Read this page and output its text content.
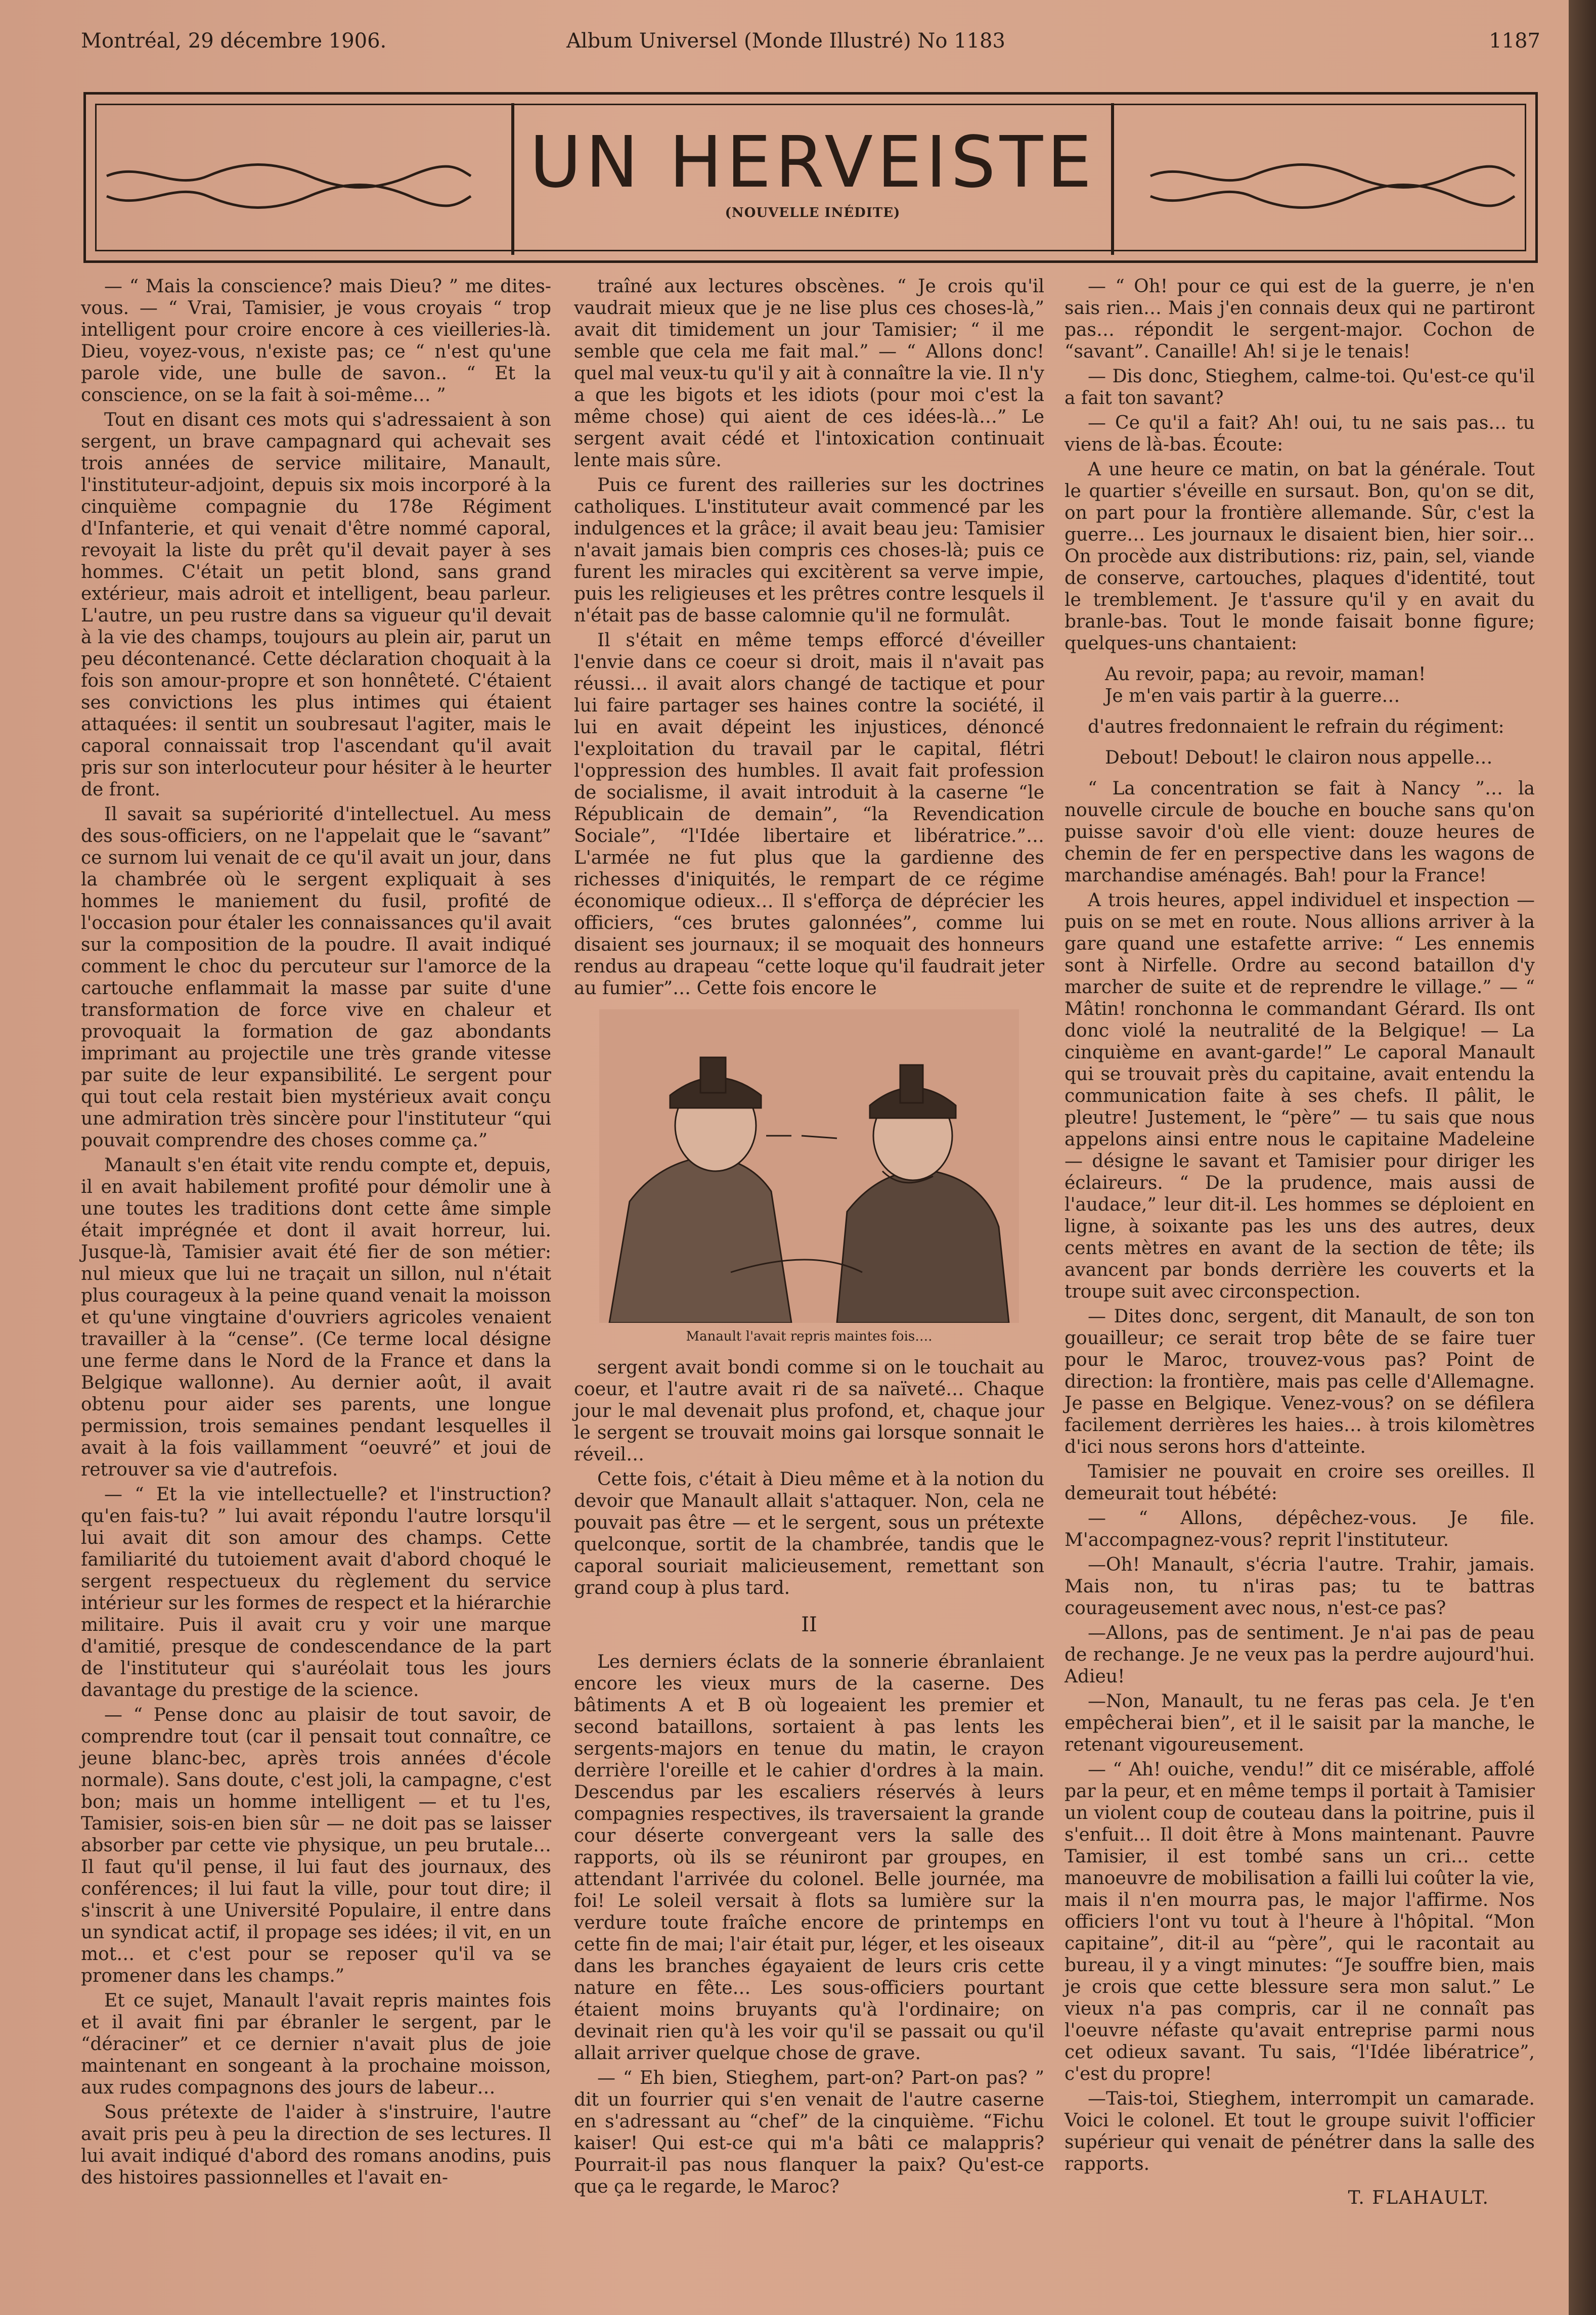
Montréal, 29 décembre 1906.	Album Universel (Monde Illustré) No 1183	1187
UN HERVEISTE
(NOUVELLE INÉDITE)

— “ Mais la conscience? mais Dieu? ” me dites-vous. — “ Vrai, Tamisier, je vous croyais “ trop intelligent pour croire encore à ces vieilleries-là. Dieu, voyez-vous, n'existe pas; ce “ n'est qu'une parole vide, une bulle de savon.. “ Et la conscience, on se la fait à soi-même… ”

Tout en disant ces mots qui s'adressaient à son sergent, un brave campagnard qui achevait ses trois années de service militaire, Manault, l'instituteur-adjoint, depuis six mois incorporé à la cinquième compagnie du 178e Régiment d'Infanterie, et qui venait d'être nommé caporal, revoyait la liste du prêt qu'il devait payer à ses hommes. C'était un petit blond, sans grand extérieur, mais adroit et intelligent, beau parleur. L'autre, un peu rustre dans sa vigueur qu'il devait à la vie des champs, toujours au plein air, parut un peu décontenancé. Cette déclaration choquait à la fois son amour-propre et son honnêteté. C'étaient ses convictions les plus intimes qui étaient attaquées: il sentit un soubresaut l'agiter, mais le caporal connaissait trop l'ascendant qu'il avait pris sur son interlocuteur pour hésiter à le heurter de front.

Il savait sa supériorité d'intellectuel. Au mess des sous-officiers, on ne l'appelait que le “savant” ce surnom lui venait de ce qu'il avait un jour, dans la chambrée où le sergent expliquait à ses hommes le maniement du fusil, profité de l'occasion pour étaler les connaissances qu'il avait sur la composition de la poudre. Il avait indiqué comment le choc du percuteur sur l'amorce de la cartouche enflammait la masse par suite d'une transformation de force vive en chaleur et provoquait la formation de gaz abondants imprimant au projectile une très grande vitesse par suite de leur expansibilité. Le sergent pour qui tout cela restait bien mystérieux avait conçu une admiration très sincère pour l'instituteur “qui pouvait comprendre des choses comme ça.”

Manault s'en était vite rendu compte et, depuis, il en avait habilement profité pour démolir une à une toutes les traditions dont cette âme simple était imprégnée et dont il avait horreur, lui. Jusque-là, Tamisier avait été fier de son métier: nul mieux que lui ne traçait un sillon, nul n'était plus courageux à la peine quand venait la moisson et qu'une vingtaine d'ouvriers agricoles venaient travailler à la “cense”. (Ce terme local désigne une ferme dans le Nord de la France et dans la Belgique wallonne). Au dernier août, il avait obtenu pour aider ses parents, une longue permission, trois semaines pendant lesquelles il avait à la fois vaillamment “oeuvré” et joui de retrouver sa vie d'autrefois.

— “ Et la vie intellectuelle? et l'instruction? qu'en fais-tu? ” lui avait répondu l'autre lorsqu'il lui avait dit son amour des champs. Cette familiarité du tutoiement avait d'abord choqué le sergent respectueux du règlement du service intérieur sur les formes de respect et la hiérarchie militaire. Puis il avait cru y voir une marque d'amitié, presque de condescendance de la part de l'instituteur qui s'auréolait tous les jours davantage du prestige de la science.

— “ Pense donc au plaisir de tout savoir, de comprendre tout (car il pensait tout connaître, ce jeune blanc-bec, après trois années d'école normale). Sans doute, c'est joli, la campagne, c'est bon; mais un homme intelligent — et tu l'es, Tamisier, sois-en bien sûr — ne doit pas se laisser absorber par cette vie physique, un peu brutale… Il faut qu'il pense, il lui faut des journaux, des conférences; il lui faut la ville, pour tout dire; il s'inscrit à une Université Populaire, il entre dans un syndicat actif, il propage ses idées; il vit, en un mot… et c'est pour se reposer qu'il va se promener dans les champs.”

Et ce sujet, Manault l'avait repris maintes fois et il avait fini par ébranler le sergent, par le “déraciner” et ce dernier n'avait plus de joie maintenant en songeant à la prochaine moisson, aux rudes compagnons des jours de labeur…

Sous prétexte de l'aider à s'instruire, l'autre avait pris peu à peu la direction de ses lectures. Il lui avait indiqué d'abord des romans anodins, puis des histoires passionnelles et l'avait en-

traîné aux lectures obscènes. “ Je crois qu'il vaudrait mieux que je ne lise plus ces choses-là,” avait dit timidement un jour Tamisier; “ il me semble que cela me fait mal.” — “ Allons donc! quel mal veux-tu qu'il y ait à connaître la vie. Il n'y a que les bigots et les idiots (pour moi c'est la même chose) qui aient de ces idées-là…” Le sergent avait cédé et l'intoxication continuait lente mais sûre.

Puis ce furent des railleries sur les doctrines catholiques. L'instituteur avait commencé par les indulgences et la grâce; il avait beau jeu: Tamisier n'avait jamais bien compris ces choses-là; puis ce furent les miracles qui excitèrent sa verve impie, puis les religieuses et les prêtres contre lesquels il n'était pas de basse calomnie qu'il ne formulât.

Il s'était en même temps efforcé d'éveiller l'envie dans ce coeur si droit, mais il n'avait pas réussi… il avait alors changé de tactique et pour lui faire partager ses haines contre la société, il lui en avait dépeint les injustices, dénoncé l'exploitation du travail par le capital, flétri l'oppression des humbles. Il avait fait profession de socialisme, il avait introduit à la caserne “le Républicain de demain”, “la Revendication Sociale”, “l'Idée libertaire et libératrice.”… L'armée ne fut plus que la gardienne des richesses d'iniquités, le rempart de ce régime économique odieux… Il s'efforça de déprécier les officiers, “ces brutes galonnées”, comme lui disaient ses journaux; il se moquait des honneurs rendus au drapeau “cette loque qu'il faudrait jeter au fumier”… Cette fois encore le

Manault l'avait repris maintes fois….

sergent avait bondi comme si on le touchait au coeur, et l'autre avait ri de sa naïveté… Chaque jour le mal devenait plus profond, et, chaque jour le sergent se trouvait moins gai lorsque sonnait le réveil…

Cette fois, c'était à Dieu même et à la notion du devoir que Manault allait s'attaquer. Non, cela ne pouvait pas être — et le sergent, sous un prétexte quelconque, sortit de la chambrée, tandis que le caporal souriait malicieusement, remettant son grand coup à plus tard.

II

Les derniers éclats de la sonnerie ébranlaient encore les vieux murs de la caserne. Des bâtiments A et B où logeaient les premier et second bataillons, sortaient à pas lents les sergents-majors en tenue du matin, le crayon derrière l'oreille et le cahier d'ordres à la main. Descendus par les escaliers réservés à leurs compagnies respectives, ils traversaient la grande cour déserte convergeant vers la salle des rapports, où ils se réuniront par groupes, en attendant l'arrivée du colonel. Belle journée, ma foi! Le soleil versait à flots sa lumière sur la verdure toute fraîche encore de printemps en cette fin de mai; l'air était pur, léger, et les oiseaux dans les branches égayaient de leurs cris cette nature en fête… Les sous-officiers pourtant étaient moins bruyants qu'à l'ordinaire; on devinait rien qu'à les voir qu'il se passait ou qu'il allait arriver quelque chose de grave.

— “ Eh bien, Stieghem, part-on? Part-on pas? ” dit un fourrier qui s'en venait de l'autre caserne en s'adressant au “chef” de la cinquième. “Fichu kaiser! Qui est-ce qui m'a bâti ce malappris? Pourrait-il pas nous flanquer la paix? Qu'est-ce que ça le regarde, le Maroc?

— “ Oh! pour ce qui est de la guerre, je n'en sais rien… Mais j'en connais deux qui ne partiront pas… répondit le sergent-major. Cochon de “savant”. Canaille! Ah! si je le tenais!

— Dis donc, Stieghem, calme-toi. Qu'est-ce qu'il a fait ton savant?

— Ce qu'il a fait? Ah! oui, tu ne sais pas… tu viens de là-bas. Écoute:

A une heure ce matin, on bat la générale. Tout le quartier s'éveille en sursaut. Bon, qu'on se dit, on part pour la frontière allemande. Sûr, c'est la guerre… Les journaux le disaient bien, hier soir… On procède aux distributions: riz, pain, sel, viande de conserve, cartouches, plaques d'identité, tout le tremblement. Je t'assure qu'il y en avait du branle-bas. Tout le monde faisait bonne figure; quelques-uns chantaient:

Au revoir, papa; au revoir, maman!
Je m'en vais partir à la guerre…

d'autres fredonnaient le refrain du régiment:

Debout! Debout! le clairon nous appelle…

“ La concentration se fait à Nancy ”… la nouvelle circule de bouche en bouche sans qu'on puisse savoir d'où elle vient: douze heures de chemin de fer en perspective dans les wagons de marchandise aménagés. Bah! pour la France!

A trois heures, appel individuel et inspection — puis on se met en route. Nous allions arriver à la gare quand une estafette arrive: “ Les ennemis sont à Nirfelle. Ordre au second bataillon d'y marcher de suite et de reprendre le village.” — “ Mâtin! ronchonna le commandant Gérard. Ils ont donc violé la neutralité de la Belgique! — La cinquième en avant-garde!” Le caporal Manault qui se trouvait près du capitaine, avait entendu la communication faite à ses chefs. Il pâlit, le pleutre! Justement, le “père” — tu sais que nous appelons ainsi entre nous le capitaine Madeleine — désigne le savant et Tamisier pour diriger les éclaireurs. “ De la prudence, mais aussi de l'audace,” leur dit-il. Les hommes se déploient en ligne, à soixante pas les uns des autres, deux cents mètres en avant de la section de tête; ils avancent par bonds derrière les couverts et la troupe suit avec circonspection.

— Dites donc, sergent, dit Manault, de son ton gouailleur; ce serait trop bête de se faire tuer pour le Maroc, trouvez-vous pas? Point de direction: la frontière, mais pas celle d'Allemagne. Je passe en Belgique. Venez-vous? on se défilera facilement derrières les haies… à trois kilomètres d'ici nous serons hors d'atteinte.

Tamisier ne pouvait en croire ses oreilles. Il demeurait tout hébété:

— “ Allons, dépêchez-vous. Je file. M'accompagnez-vous? reprit l'instituteur.

—Oh! Manault, s'écria l'autre. Trahir, jamais. Mais non, tu n'iras pas; tu te battras courageusement avec nous, n'est-ce pas?

—Allons, pas de sentiment. Je n'ai pas de peau de rechange. Je ne veux pas la perdre aujourd'hui. Adieu!

—Non, Manault, tu ne feras pas cela. Je t'en empêcherai bien”, et il le saisit par la manche, le retenant vigoureusement.

— “ Ah! ouiche, vendu!” dit ce misérable, affolé par la peur, et en même temps il portait à Tamisier un violent coup de couteau dans la poitrine, puis il s'enfuit… Il doit être à Mons maintenant. Pauvre Tamisier, il est tombé sans un cri… cette manoeuvre de mobilisation a failli lui coûter la vie, mais il n'en mourra pas, le major l'affirme. Nos officiers l'ont vu tout à l'heure à l'hôpital. “Mon capitaine”, dit-il au “père”, qui le racontait au bureau, il y a vingt minutes: “Je souffre bien, mais je crois que cette blessure sera mon salut.” Le vieux n'a pas compris, car il ne connaît pas l'oeuvre néfaste qu'avait entreprise parmi nous cet odieux savant. Tu sais, “l'Idée libératrice”, c'est du propre!

—Tais-toi, Stieghem, interrompit un camarade. Voici le colonel. Et tout le groupe suivit l'officier supérieur qui venait de pénétrer dans la salle des rapports.

T. FLAHAULT.
